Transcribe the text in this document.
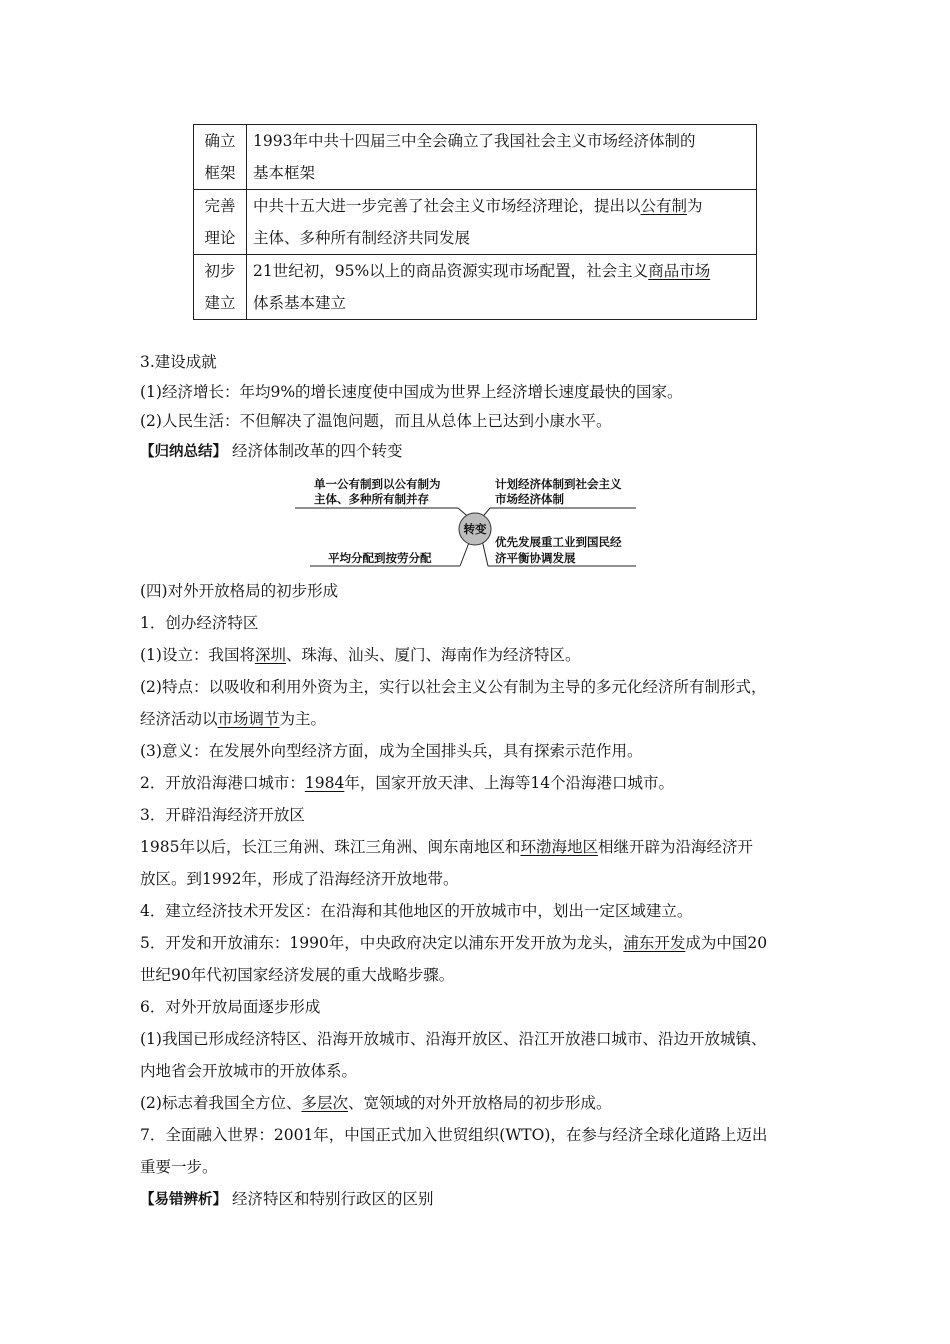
确立
框架	1993年中共十四届三中全会确立了我国社会主义市场经济体制的
基本框架
完善
理论	中共十五大进一步完善了社会主义市场经济理论，提出以公有制为
主体、多种所有制经济共同发展
初步
建立	21世纪初，95%以上的商品资源实现市场配置，社会主义商品市场
体系基本建立
3.建设成就
(1)经济增长：年均9%的增长速度使中国成为世界上经济增长速度最快的国家。
(2)人民生活：不但解决了温饱问题，而且从总体上已达到小康水平。
【归纳总结】 经济体制改革的四个转变
转变
单一公有制到以公有制为
主体、多种所有制并存
计划经济体制到社会主义
市场经济体制
平均分配到按劳分配
优先发展重工业到国民经
济平衡协调发展
(四)对外开放格局的初步形成
1．创办经济特区
(1)设立：我国将深圳、珠海、汕头、厦门、海南作为经济特区。
(2)特点：以吸收和利用外资为主，实行以社会主义公有制为主导的多元化经济所有制形式，
经济活动以市场调节为主。
(3)意义：在发展外向型经济方面，成为全国排头兵，具有探索示范作用。
2．开放沿海港口城市：1984年，国家开放天津、上海等14个沿海港口城市。
3．开辟沿海经济开放区
1985年以后，长江三角洲、珠江三角洲、闽东南地区和环渤海地区相继开辟为沿海经济开
放区。到1992年，形成了沿海经济开放地带。
4．建立经济技术开发区：在沿海和其他地区的开放城市中，划出一定区域建立。
5．开发和开放浦东：1990年，中央政府决定以浦东开发开放为龙头，浦东开发成为中国20
世纪90年代初国家经济发展的重大战略步骤。
6．对外开放局面逐步形成
(1)我国已形成经济特区、沿海开放城市、沿海开放区、沿江开放港口城市、沿边开放城镇、
内地省会开放城市的开放体系。
(2)标志着我国全方位、多层次、宽领域的对外开放格局的初步形成。
7．全面融入世界：2001年，中国正式加入世贸组织(WTO)，在参与经济全球化道路上迈出
重要一步。
【易错辨析】 经济特区和特别行政区的区别
